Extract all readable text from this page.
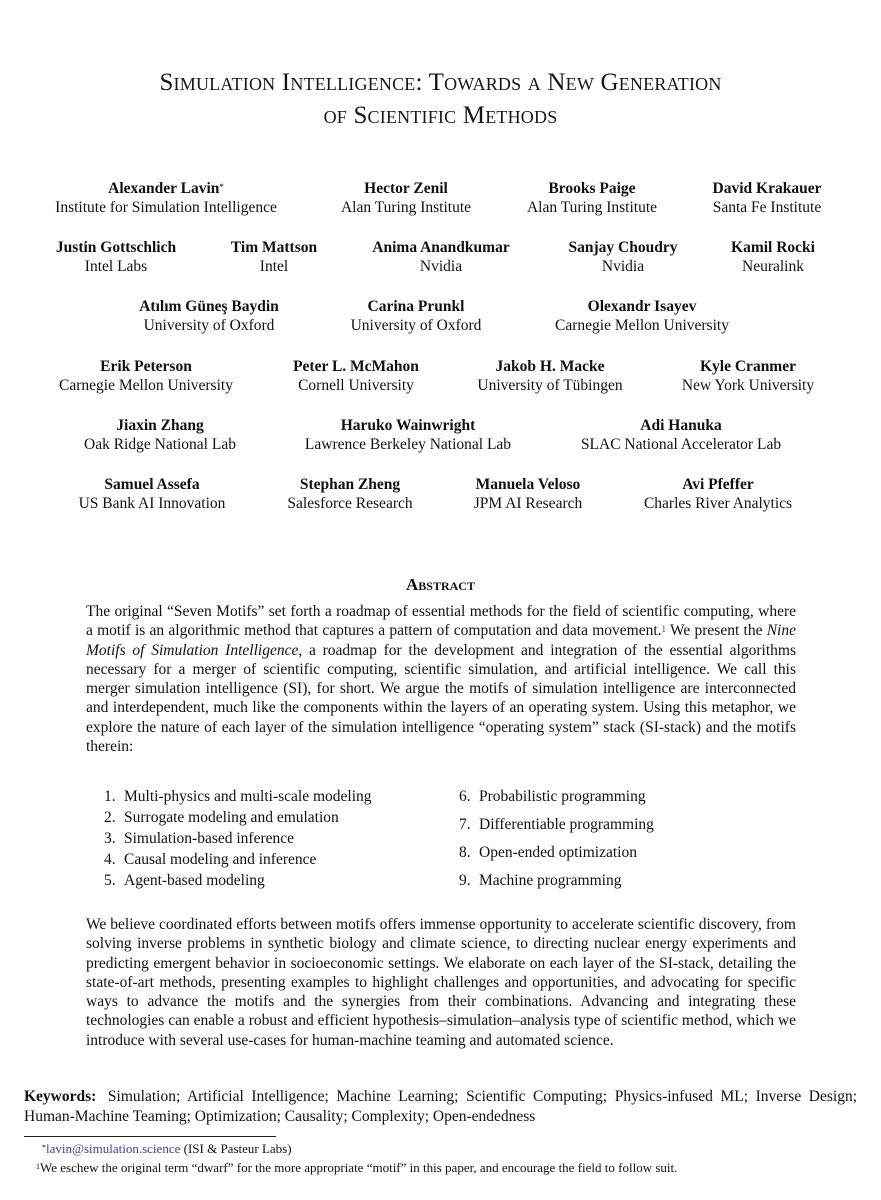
Simulation Intelligence: Towards a New Generation
of Scientific Methods
Alexander Lavin*
Institute for Simulation Intelligence
Hector Zenil
Alan Turing Institute
Brooks Paige
Alan Turing Institute
David Krakauer
Santa Fe Institute
Justin Gottschlich
Intel Labs
Tim Mattson
Intel
Anima Anandkumar
Nvidia
Sanjay Choudry
Nvidia
Kamil Rocki
Neuralink
Atılım Güneş Baydin
University of Oxford
Carina Prunkl
University of Oxford
Olexandr Isayev
Carnegie Mellon University
Erik Peterson
Carnegie Mellon University
Peter L. McMahon
Cornell University
Jakob H. Macke
University of Tübingen
Kyle Cranmer
New York University
Jiaxin Zhang
Oak Ridge National Lab
Haruko Wainwright
Lawrence Berkeley National Lab
Adi Hanuka
SLAC National Accelerator Lab
Samuel Assefa
US Bank AI Innovation
Stephan Zheng
Salesforce Research
Manuela Veloso
JPM AI Research
Avi Pfeffer
Charles River Analytics
Abstract
The original “Seven Motifs” set forth a roadmap of essential methods for the field of scientific computing, where a motif is an algorithmic method that captures a pattern of computation and data movement.$^1$ We present the Nine Motifs of Simulation Intelligence, a roadmap for the development and integration of the essential algorithms necessary for a merger of scientific computing, scientific simulation, and artificial intelligence. We call this merger simulation intelligence (SI), for short. We argue the motifs of simulation intelligence are interconnected and interdependent, much like the components within the layers of an operating system. Using this metaphor, we explore the nature of each layer of the simulation intelligence “operating system” stack (SI-stack) and the motifs therein:
1. Multi-physics and multi-scale modeling
2. Surrogate modeling and emulation
3. Simulation-based inference
4. Causal modeling and inference
5. Agent-based modeling
6. Probabilistic programming
7. Differentiable programming
8. Open-ended optimization
9. Machine programming
We believe coordinated efforts between motifs offers immense opportunity to accelerate scientific discovery, from solving inverse problems in synthetic biology and climate science, to directing nuclear energy experiments and predicting emergent behavior in socioeconomic settings. We elaborate on each layer of the SI-stack, detailing the state-of-art methods, presenting examples to highlight challenges and opportunities, and advocating for specific ways to advance the motifs and the synergies from their combinations. Advancing and integrating these technologies can enable a robust and efficient hypothesis–simulation–analysis type of scientific method, which we introduce with several use-cases for human-machine teaming and automated science.
Keywords: Simulation; Artificial Intelligence; Machine Learning; Scientific Computing; Physics-infused ML; Inverse Design; Human-Machine Teaming; Optimization; Causality; Complexity; Open-endedness
*lavin@simulation.science (ISI & Pasteur Labs)
$^1$We eschew the original term “dwarf” for the more appropriate “motif” in this paper, and encourage the field to follow suit.
